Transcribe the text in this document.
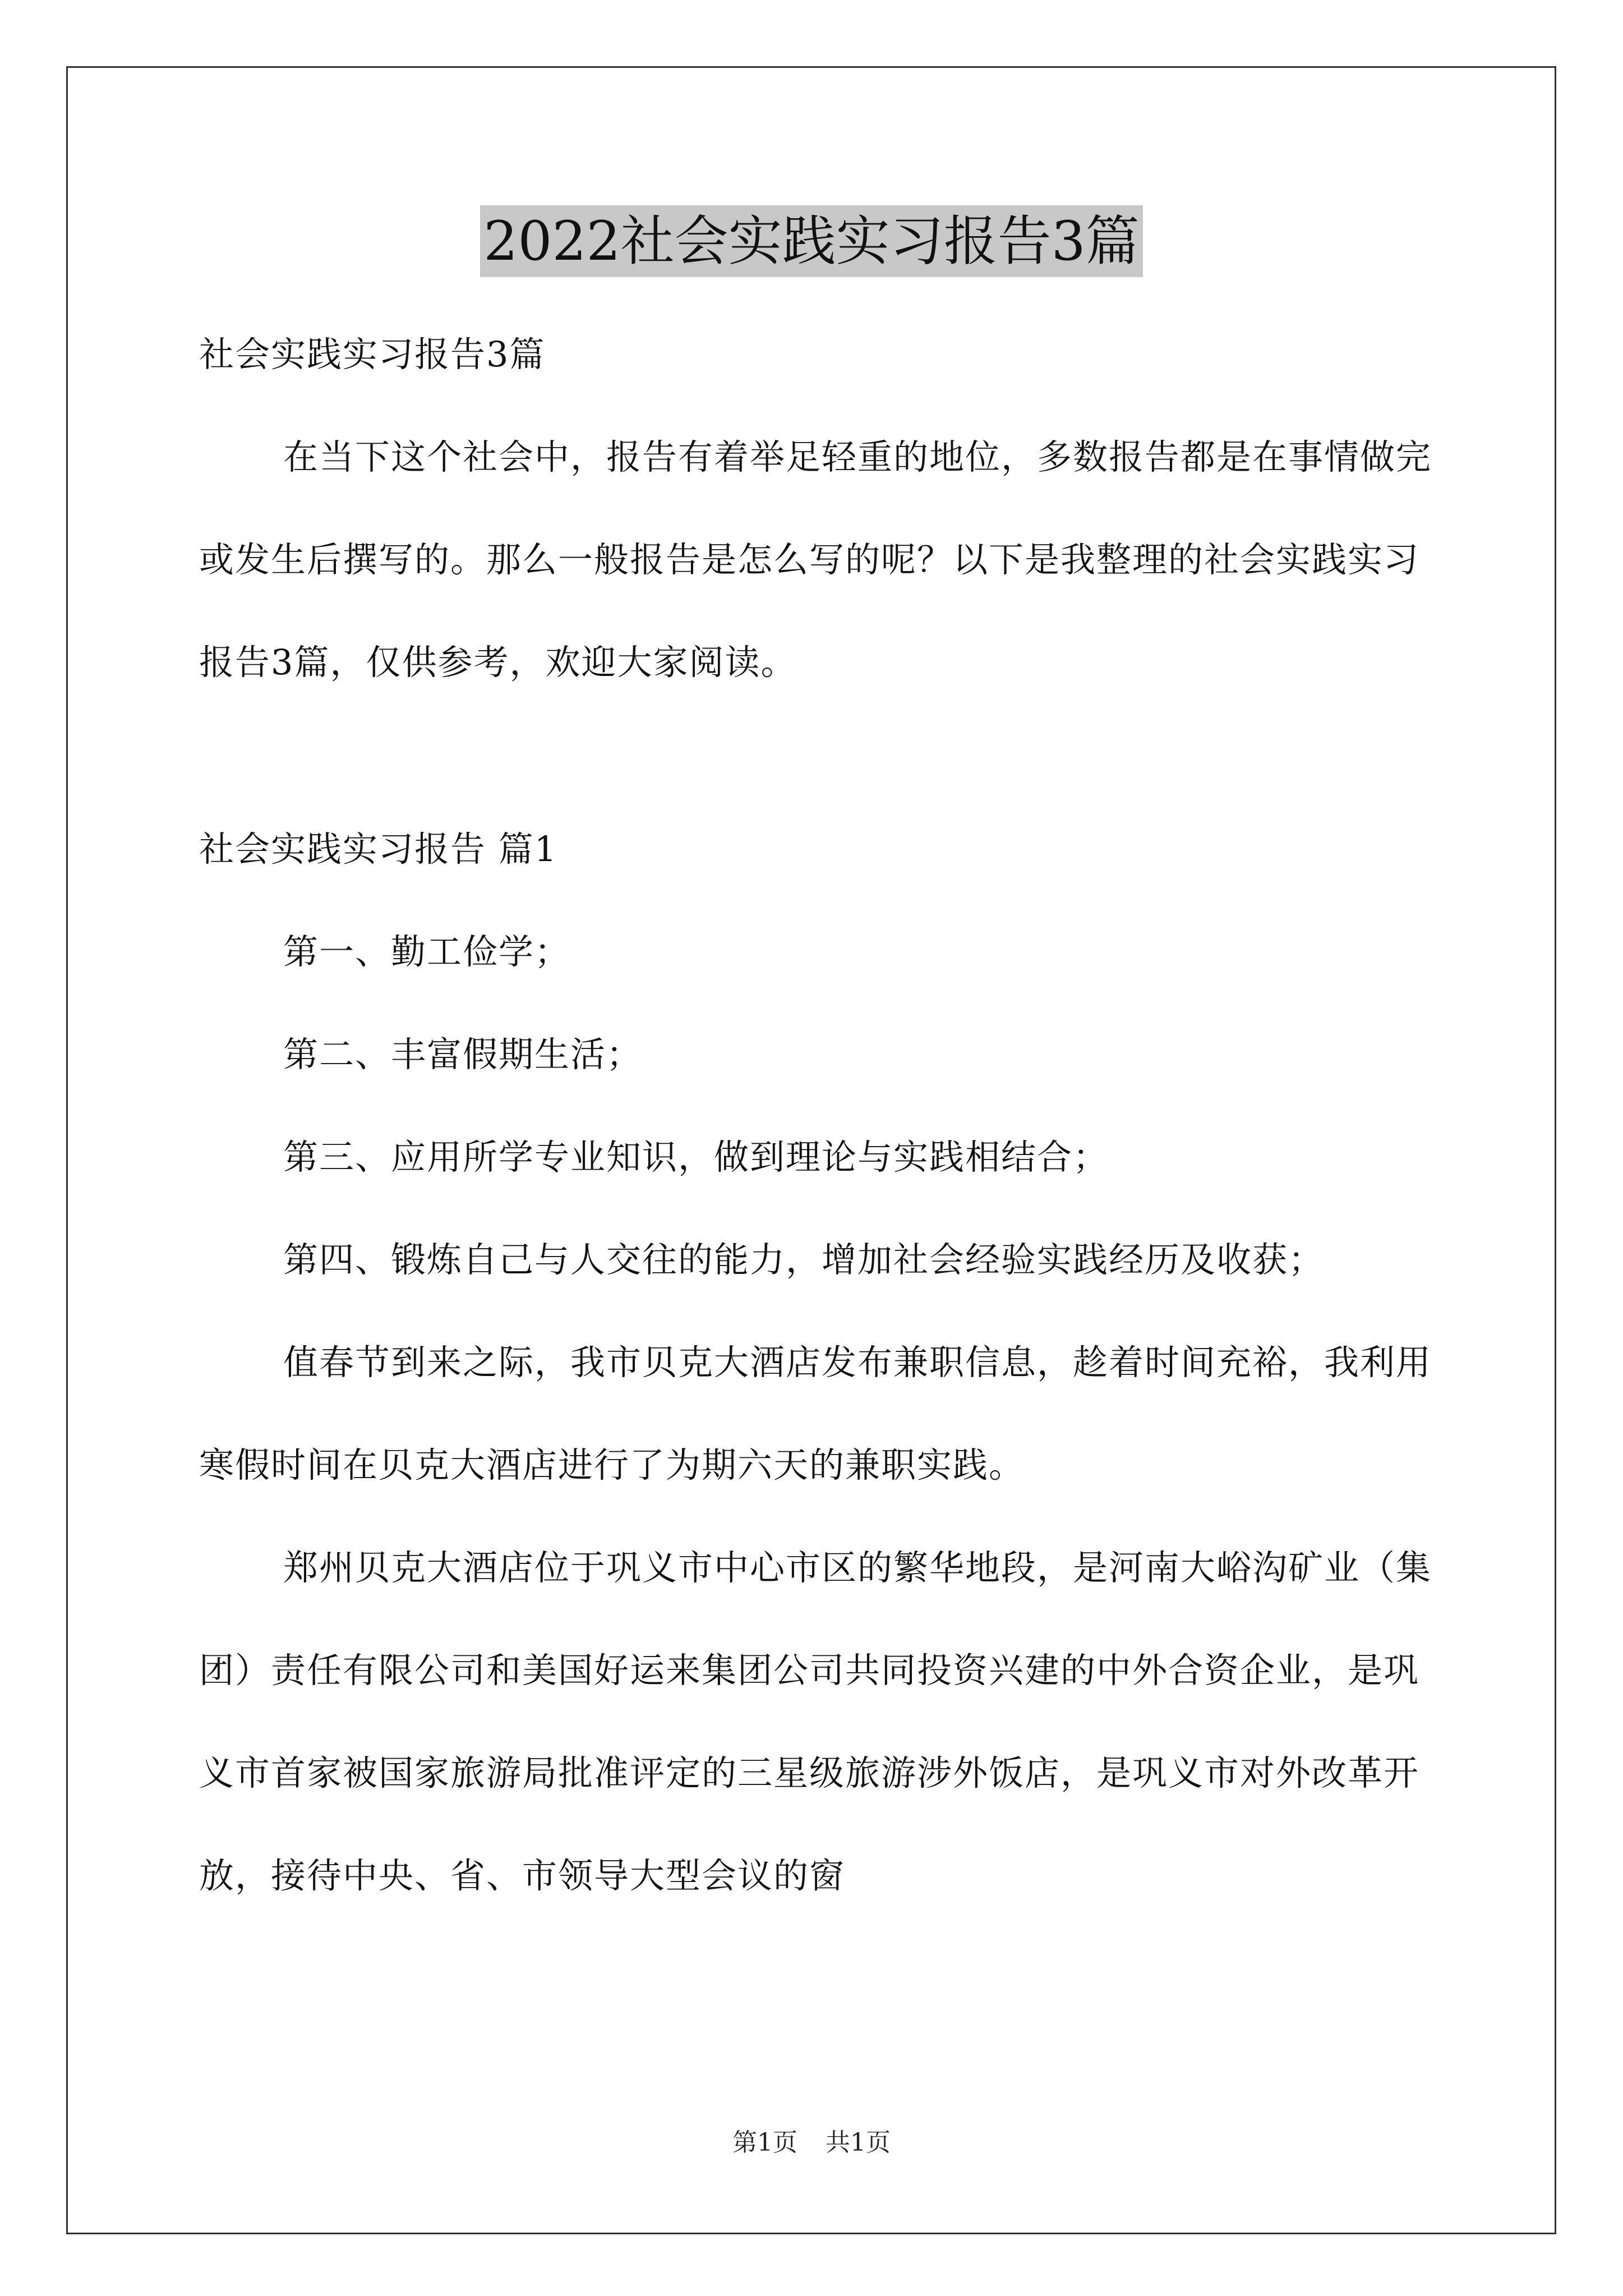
2022社会实践实习报告3篇

社会实践实习报告3篇

在当下这个社会中，报告有着举足轻重的地位，多数报告都是在事情做完或发生后撰写的。那么一般报告是怎么写的呢？以下是我整理的社会实践实习报告3篇，仅供参考，欢迎大家阅读。

社会实践实习报告 篇1

第一、勤工俭学；

第二、丰富假期生活；

第三、应用所学专业知识，做到理论与实践相结合；

第四、锻炼自己与人交往的能力，增加社会经验实践经历及收获；

值春节到来之际，我市贝克大酒店发布兼职信息，趁着时间充裕，我利用寒假时间在贝克大酒店进行了为期六天的兼职实践。

郑州贝克大酒店位于巩义市中心市区的繁华地段，是河南大峪沟矿业（集团）责任有限公司和美国好运来集团公司共同投资兴建的中外合资企业，是巩义市首家被国家旅游局批准评定的三星级旅游涉外饭店，是巩义市对外改革开放，接待中央、省、市领导大型会议的窗

第1页 共1页
